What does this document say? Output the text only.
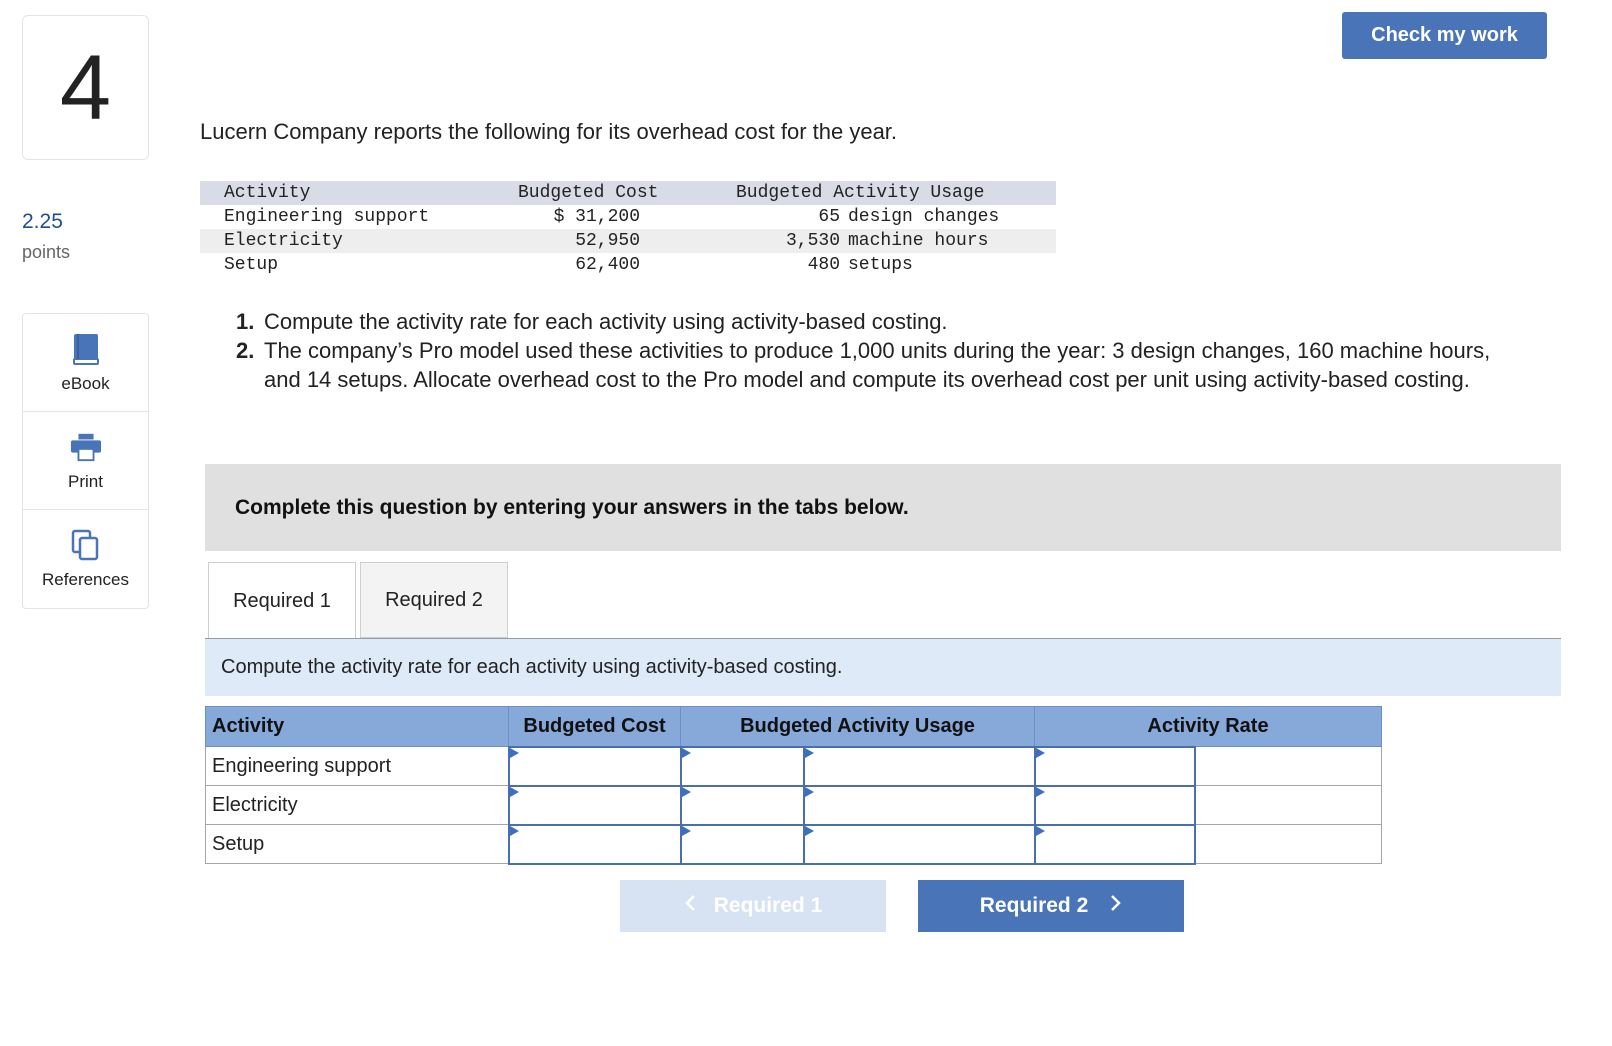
4
2.25
points
eBook
Print
References
Check my work
Lucern Company reports the following for its overhead cost for the year.
Activity	Budgeted Cost	Budgeted Activity Usage
Engineering support	$ 31,200	65 design changes
Electricity	52,950	3,530 machine hours
Setup	62,400	480 setups
1. Compute the activity rate for each activity using activity-based costing.
2. The company’s Pro model used these activities to produce 1,000 units during the year: 3 design changes, 160 machine hours, and 14 setups. Allocate overhead cost to the Pro model and compute its overhead cost per unit using activity-based costing.
Complete this question by entering your answers in the tabs below.
Required 1	Required 2
Compute the activity rate for each activity using activity-based costing.
Activity	Budgeted Cost	Budgeted Activity Usage		Activity Rate	
Engineering support					
Electricity					
Setup					
Required 1	Required 2
